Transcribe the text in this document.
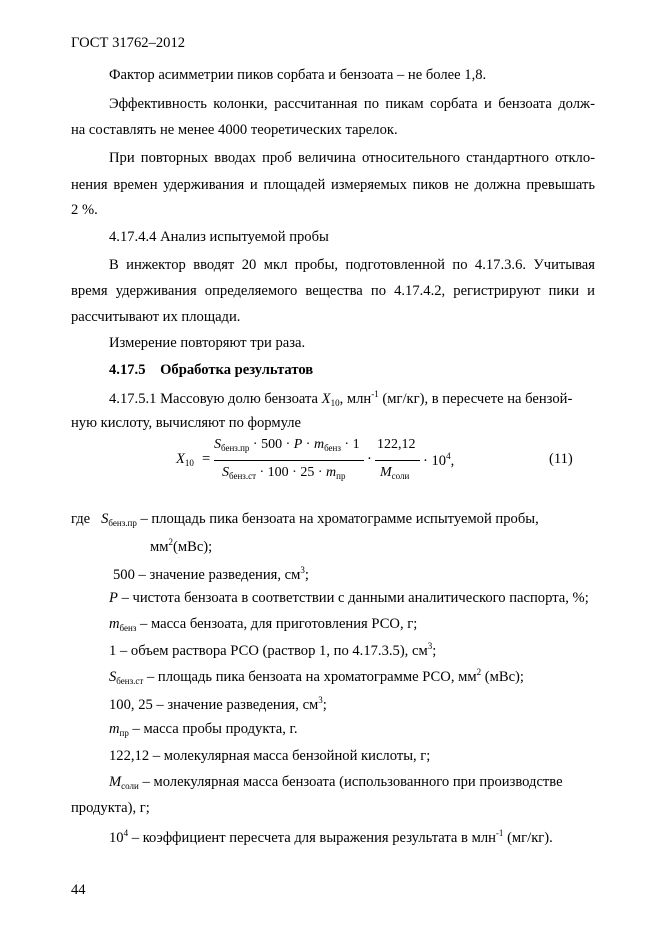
ГОСТ 31762–2012
Фактор асимметрии пиков сорбата и бензоата – не более 1,8.
Эффективность колонки, рассчитанная по пикам сорбата и бензоата долж-
на составлять не менее 4000 теоретических тарелок.
При повторных вводах проб величина относительного стандартного откло-
нения времен удерживания и площадей измеряемых пиков не должна превышать
2 %.
4.17.4.4 Анализ испытуемой пробы
В инжектор вводят 20 мкл пробы, подготовленной по 4.17.3.6. Учитывая
время удерживания определяемого вещества по 4.17.4.2, регистрируют пики и
рассчитывают их площади.
Измерение повторяют три раза.
4.17.5 Обработка результатов
4.17.5.1 Массовую долю бензоата $X_{10}$, млн$^{-1}$ (мг/кг), в пересчете на бензой-
ную кислоту, вычисляют по формуле
$X_{10}$ =
$S_{бенз.пр} \cdot 500 \cdot P \cdot m_{бенз} \cdot 1$
$S_{бенз.ст} \cdot 100 \cdot 25 \cdot m_{пр}$
·
122,12
$M_{соли}$
· $10^4$,	(11)
где $S_{бенз.пр}$ – площадь пика бензоата на хроматограмме испытуемой пробы,
$мм^2(мВс)$;
500 – значение разведения, $см^3$;
P – чистота бензоата в соответствии с данными аналитического паспорта, %;
$m_{бенз}$ – масса бензоата, для приготовления РСО, г;
1 – объем раствора РСО (раствор 1, по 4.17.3.5), $см^3$;
$S_{бенз.ст}$ – площадь пика бензоата на хроматограмме РСО, $мм^2$ (мВс);
100, 25 – значение разведения, $см^3$;
$m_{пр}$ – масса пробы продукта, г.
122,12 – молекулярная масса бензойной кислоты, г;
$M_{соли}$ – молекулярная масса бензоата (использованного при производстве
продукта), г;
$10^4$ – коэффициент пересчета для выражения результата в млн$^{-1}$ (мг/кг).
44
